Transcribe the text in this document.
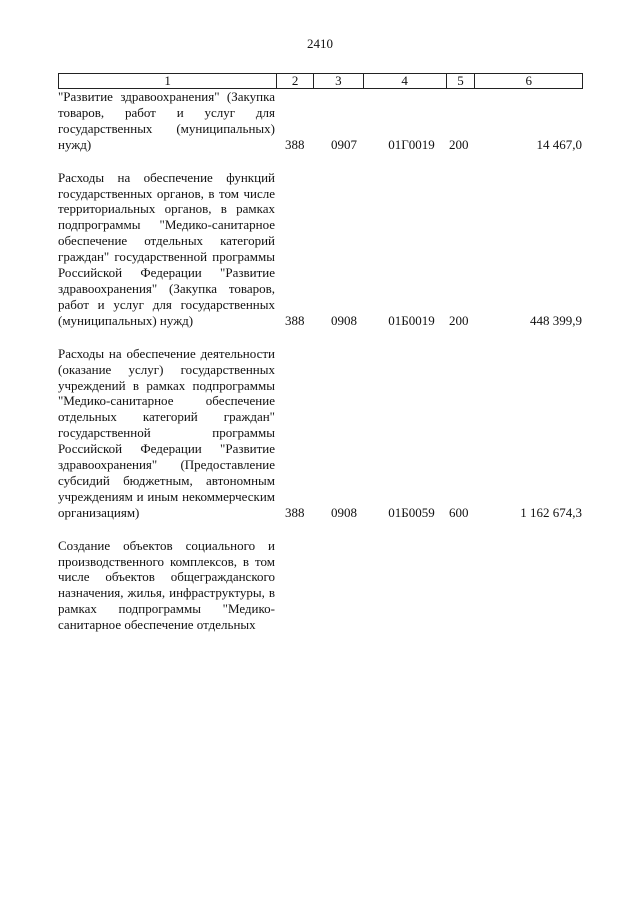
2410
1	2	3	4	5	6
"Развитие здравоохранения" (Закупка товаров, работ и услуг для государственных (муниципальных) нужд)	388	0907	01Г0019	200	14 467,0
Расходы на обеспечение функций государственных органов, в том числе территориальных органов, в рамках подпрограммы "Медико-санитарное обеспечение отдельных категорий граждан" государственной программы Российской Федерации "Развитие здравоохранения" (Закупка товаров, работ и услуг для государственных (муниципальных) нужд)	388	0908	01Б0019	200	448 399,9
Расходы на обеспечение деятельности (оказание услуг) государственных учреждений в рамках подпрограммы "Медико-санитарное обеспечение отдельных категорий граждан" государственной программы Российской Федерации "Развитие здравоохранения" (Предоставление субсидий бюджетным, автономным учреждениям и иным некоммерческим организациям)	388	0908	01Б0059	600	1 162 674,3
Создание объектов социального и производственного комплексов, в том числе объектов общегражданского назначения, жилья, инфраструктуры, в рамках подпрограммы "Медико-санитарное обеспечение отдельных
